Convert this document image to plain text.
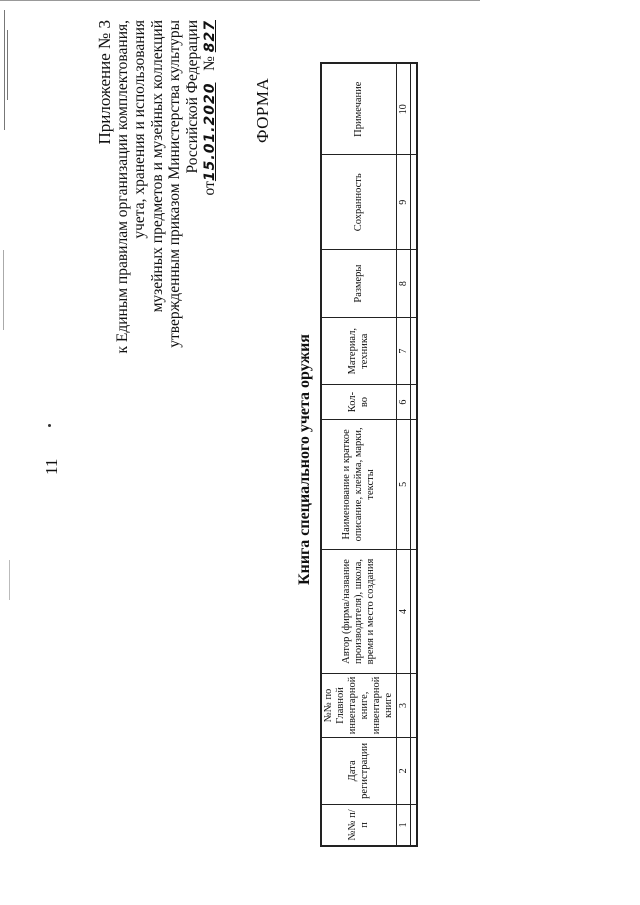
11
Приложение № 3 к Единым правилам организации комплектования, учета, хранения и использования музейных предметов и музейных коллекций утвержденным приказом Министерства культуры Российской Федерации
от15.01.2020   № 827
ФОРМА
Книга специального учета оружия
№№ п/п	Дата регистрации	№№ по Главной инвентарной книге, инвентарной книге	Автор (фирма/название производителя), школа, время и место создания	Наименование и краткое описание, клейма, марки, тексты	Кол-во	Материал, техника	Размеры	Сохранность	Примечание
1	2	3	4	5	6	7	8	9	10
